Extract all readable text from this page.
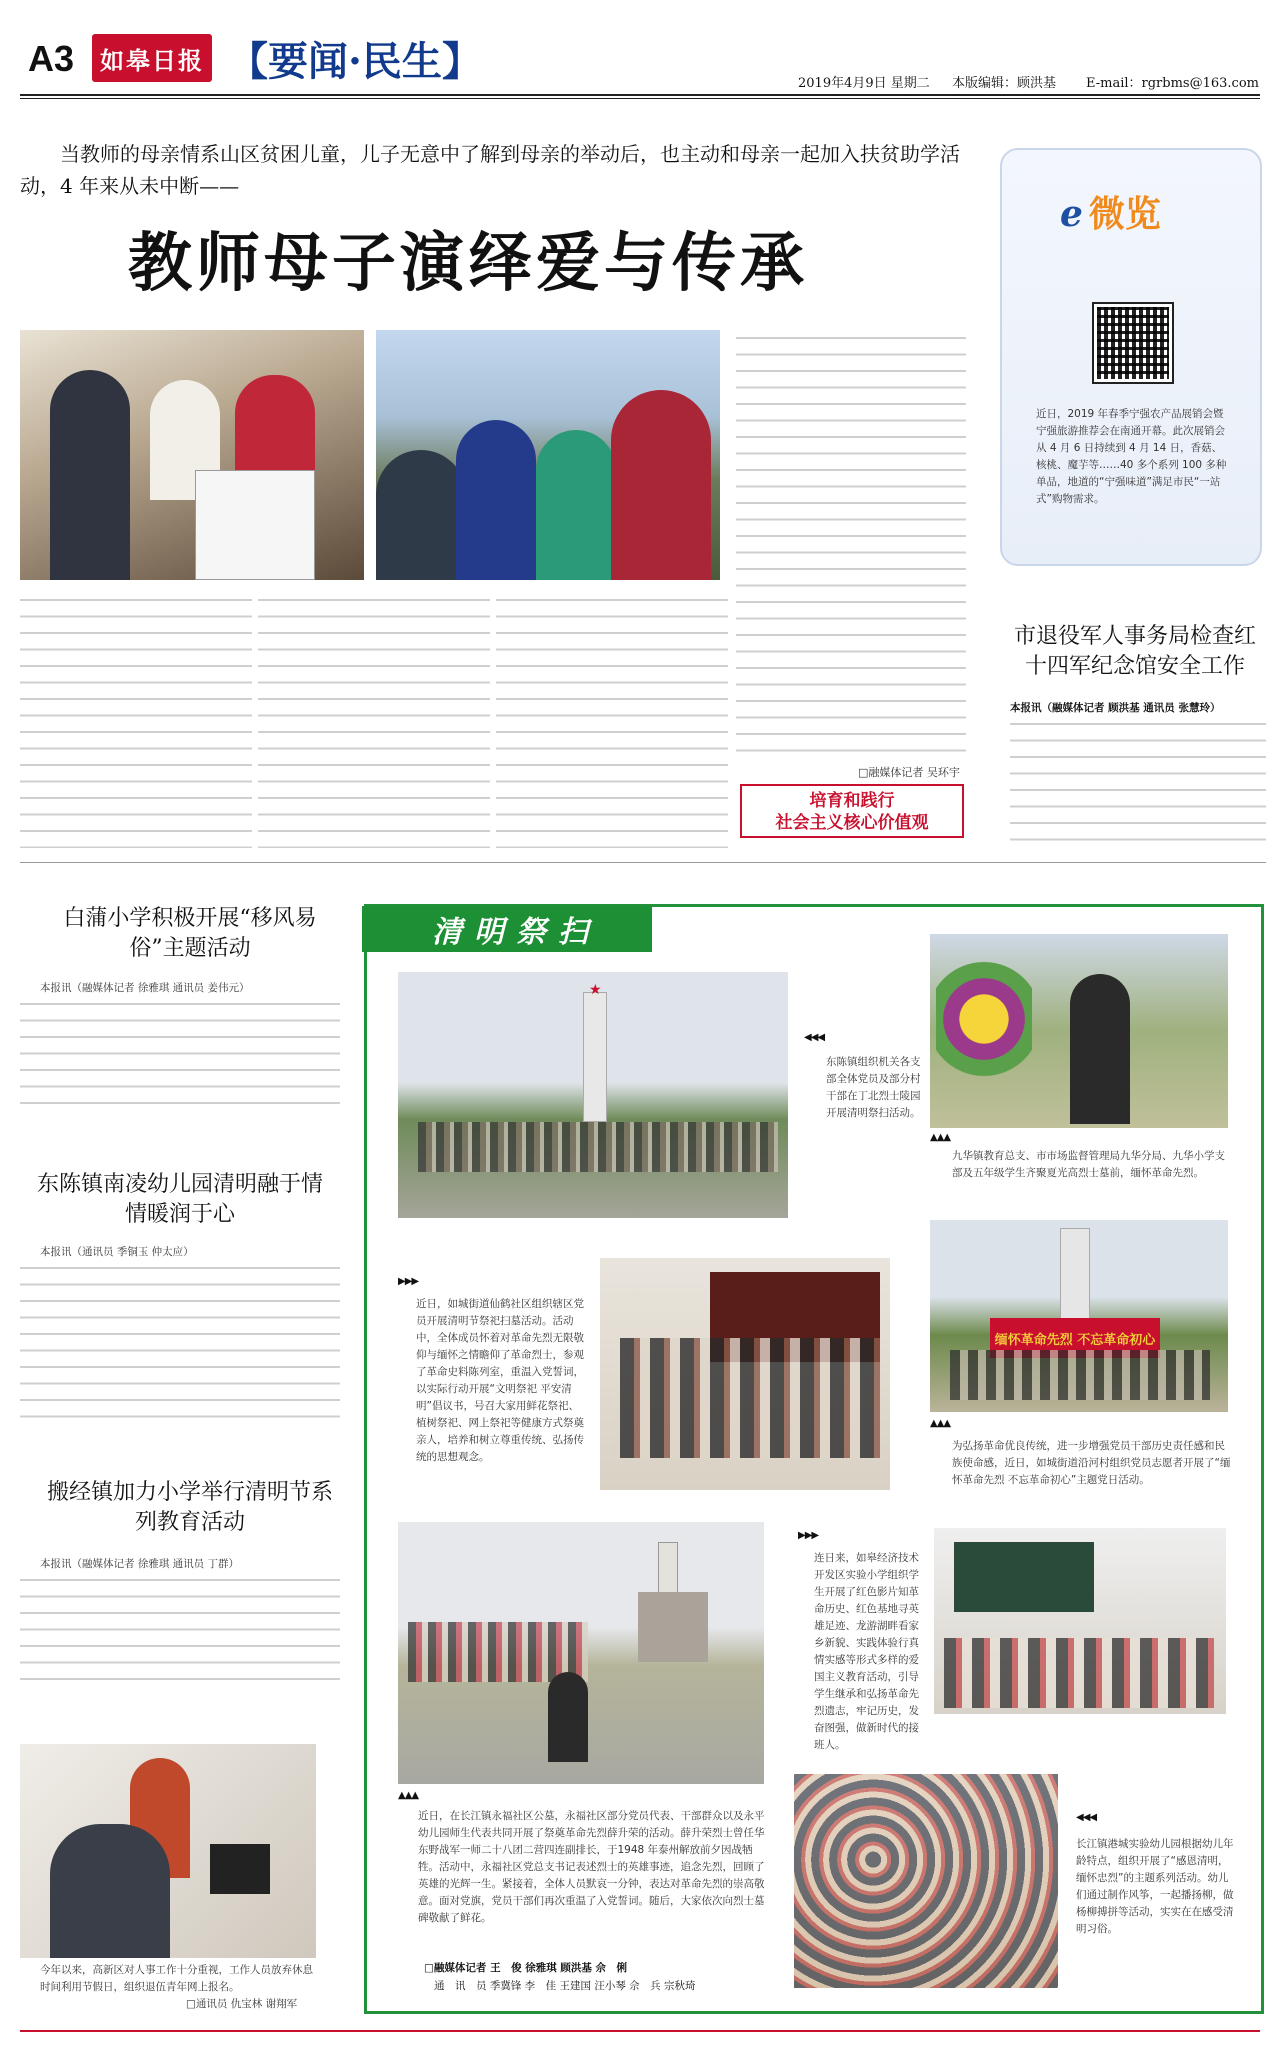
A3	如皋日报 【要闻·民生】	2019年4月9日 星期二 本版编辑：顾洪基 E-mail：rgrbms@163.com
当教师的母亲情系山区贫困儿童，儿子无意中了解到母亲的举动后，也主动和母亲一起加入扶贫助学活动，4 年来从未中断——
教师母子演绎爱与传承
□融媒体记者 吴环宇
培育和践行
社会主义核心价值观
e 微览
近日，2019 年春季宁强农产品展销会暨宁强旅游推荐会在南通开幕。此次展销会从 4 月 6 日持续到 4 月 14 日，香菇、核桃、魔芋等……40 多个系列 100 多种单品，地道的“宁强味道”满足市民“一站式”购物需求。
市退役军人事务局检查红十四军纪念馆安全工作
本报讯（融媒体记者 顾洪基 通讯员 张慧玲）
白蒲小学积极开展“移风易俗”主题活动
本报讯（融媒体记者 徐雅琪 通讯员 姜伟元）
东陈镇南凌幼儿园清明融于情　情暖润于心
本报讯（通讯员 季铜玉 仲太应）
搬经镇加力小学举行清明节系列教育活动
本报讯（融媒体记者 徐雅琪 通讯员 丁群）
今年以来，高新区对人事工作十分重视，工作人员放弃休息时间利用节假日，组织退伍青年网上报名。
□通讯员 仇宝林 谢翔军
清明祭扫
★
◀◀◀
东陈镇组织机关各支部全体党员及部分村干部在丁北烈士陵园开展清明祭扫活动。
▲▲▲
九华镇教育总支、市市场监督管理局九华分局、九华小学支部及五年级学生齐聚夏光高烈士墓前，缅怀革命先烈。
▶▶▶
近日，如城街道仙鹤社区组织辖区党员开展清明节祭祀扫墓活动。活动中，全体成员怀着对革命先烈无限敬仰与缅怀之情瞻仰了革命烈士，参观了革命史料陈列室，重温入党誓词，以实际行动开展“文明祭祀 平安清明”倡议书，号召大家用鲜花祭祀、植树祭祀、网上祭祀等健康方式祭奠亲人，培养和树立尊重传统、弘扬传统的思想观念。
缅怀革命先烈 不忘革命初心
▲▲▲
为弘扬革命优良传统，进一步增强党员干部历史责任感和民族使命感，近日，如城街道沿河村组织党员志愿者开展了“缅怀革命先烈 不忘革命初心”主题党日活动。
▶▶▶
连日来，如皋经济技术开发区实验小学组织学生开展了红色影片知革命历史、红色基地寻英雄足迹、龙游湖畔看家乡新貌、实践体验行真情实感等形式多样的爱国主义教育活动，引导学生继承和弘扬革命先烈遗志，牢记历史，发奋图强，做新时代的接班人。
▲▲▲
近日，在长江镇永福社区公墓，永福社区部分党员代表、干部群众以及永平幼儿园师生代表共同开展了祭奠革命先烈薛升荣的活动。薛升荣烈士曾任华东野战军一师二十八团二营四连副排长，于1948 年泰州解放前夕因战牺牲。活动中，永福社区党总支书记表述烈士的英雄事迹，追念先烈，回顾了英雄的光辉一生。紧接着，全体人员默哀一分钟，表达对革命先烈的崇高敬意。面对党旗，党员干部们再次重温了入党誓词。随后，大家依次向烈士墓碑敬献了鲜花。
◀◀◀
长江镇港城实验幼儿园根据幼儿年龄特点，组织开展了“感恩清明，缅怀忠烈”的主题系列活动。幼儿们通过制作风筝，一起播扬柳，做杨柳搏拼等活动，实实在在感受清明习俗。
□融媒体记者 王　俊 徐雅琪 顾洪基 佘　俐
通　讯　员 季冀锋 李　佳 王建国 汪小琴 佘　兵 宗秋琦
